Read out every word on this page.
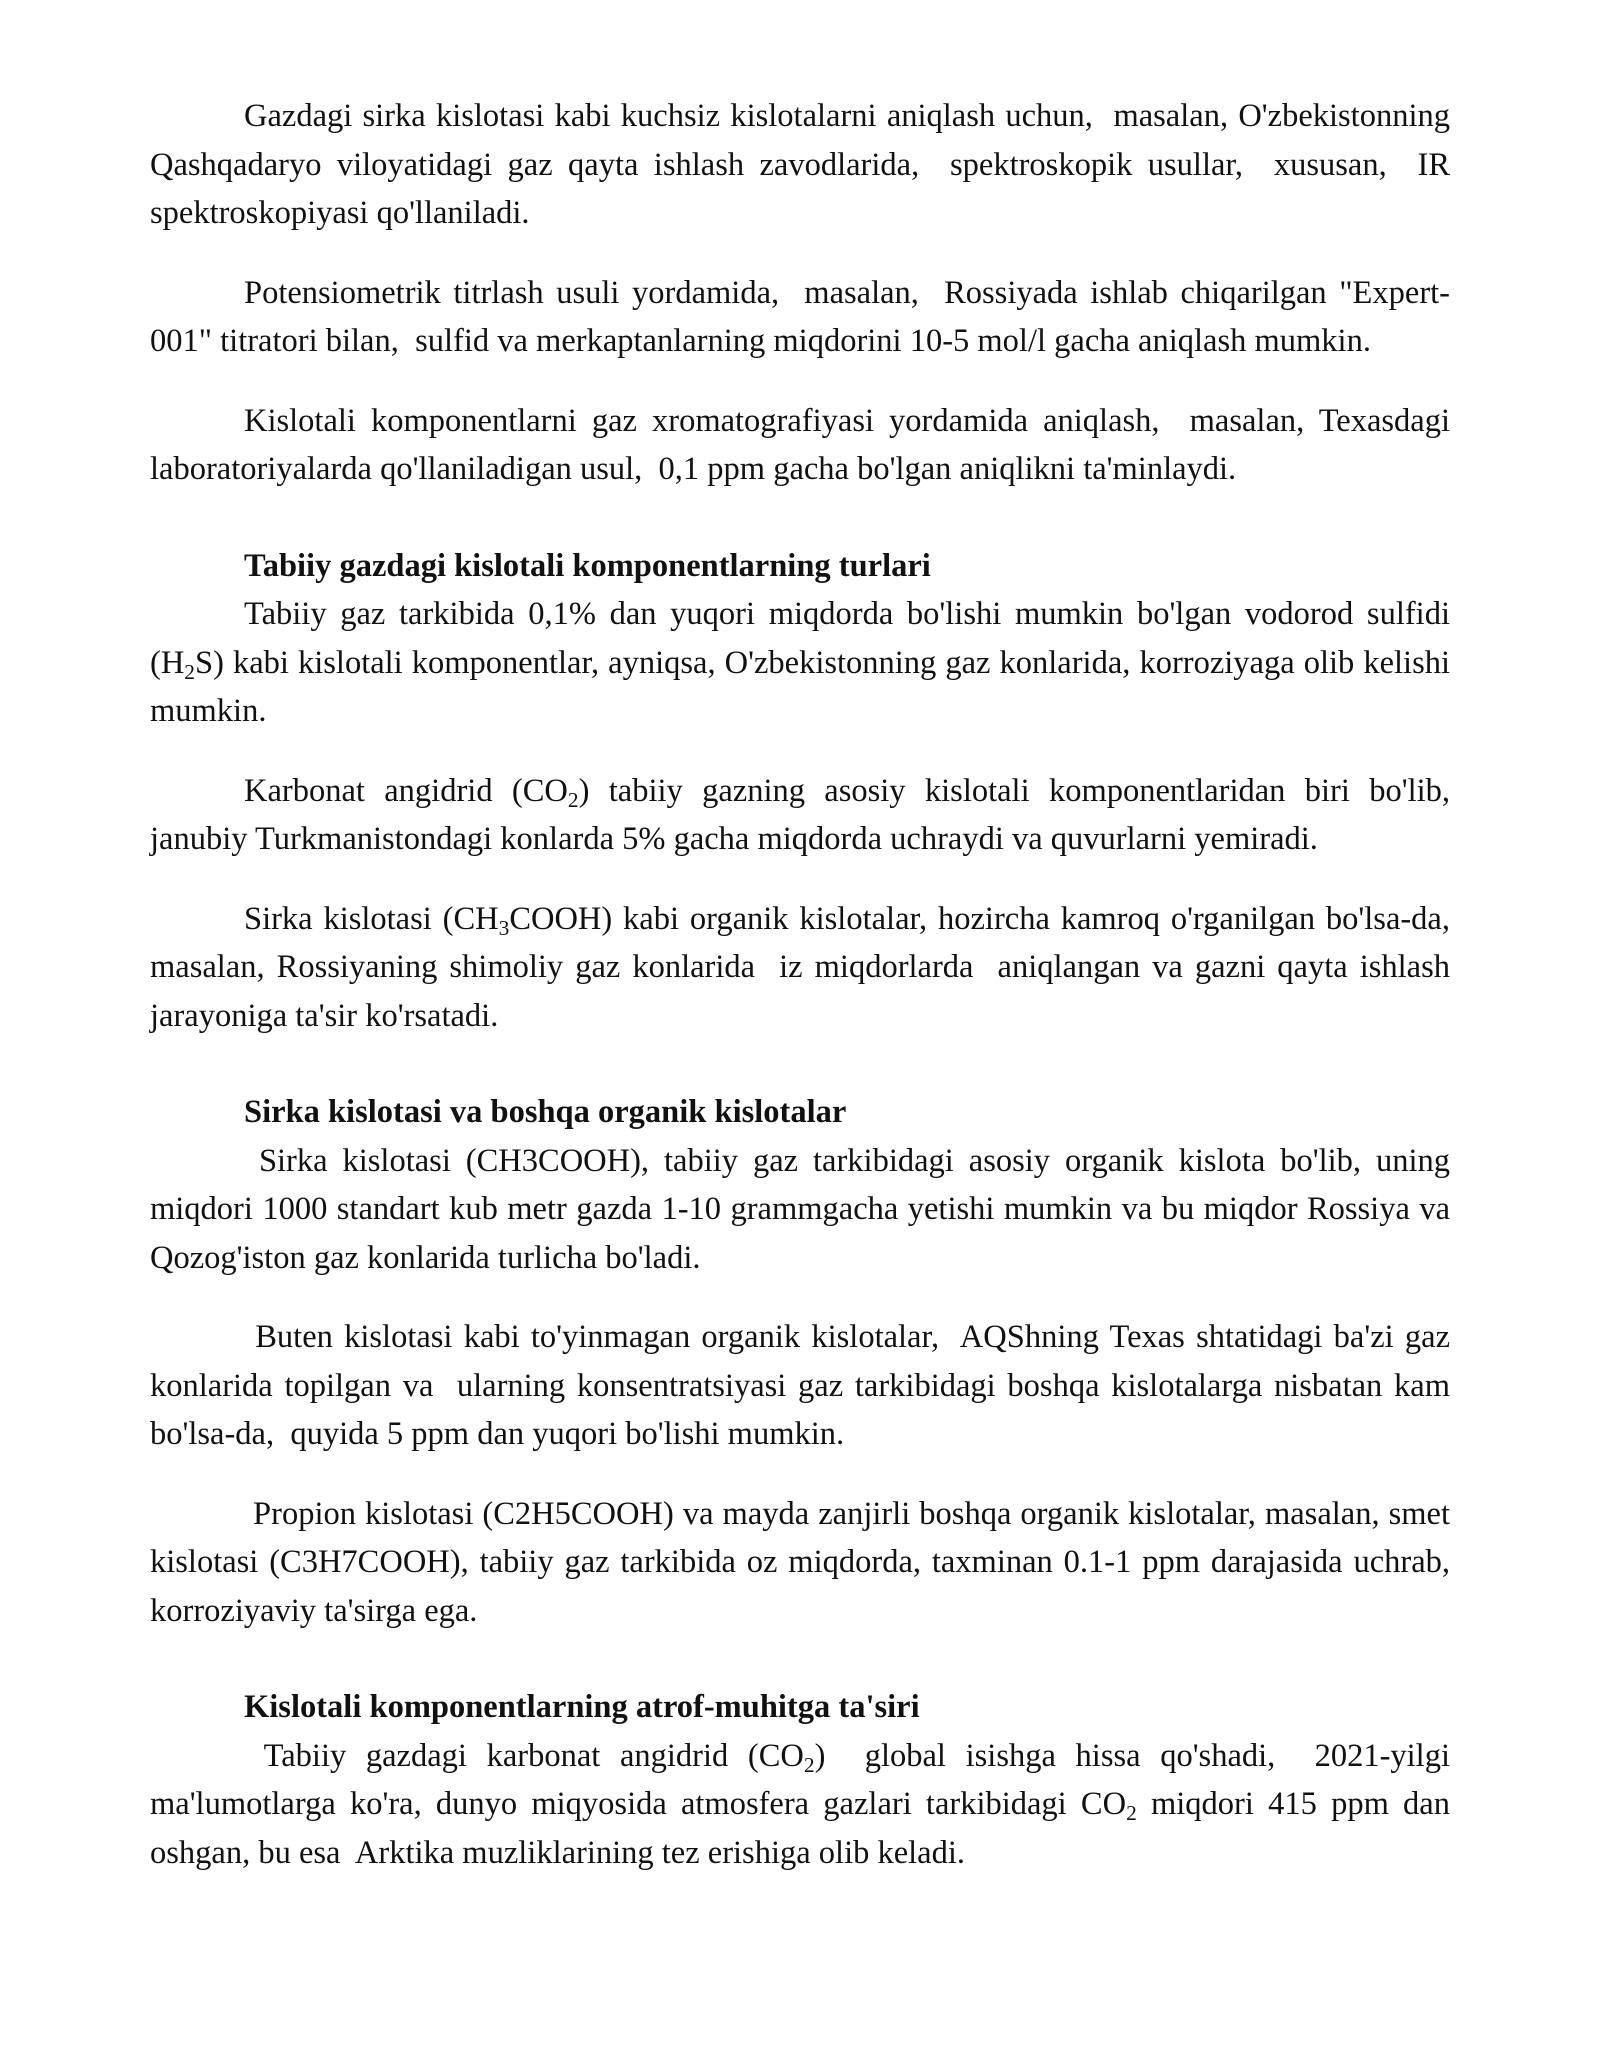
Gazdagi sirka kislotasi kabi kuchsiz kislotalarni aniqlash uchun,  masalan, O'zbekistonning  Qashqadaryo viloyatidagi gaz qayta ishlash zavodlarida,  spektroskopik usullar,  xususan,  IR spektroskopiyasi qo'llaniladi.

Potensiometrik titrlash usuli yordamida,  masalan,  Rossiyada ishlab chiqarilgan "Expert-001" titratori bilan,  sulfid va merkaptanlarning miqdorini 10-5 mol/l gacha aniqlash mumkin.

Kislotali komponentlarni gaz xromatografiyasi yordamida aniqlash,  masalan, Texasdagi laboratoriyalarda qo'llaniladigan usul,  0,1 ppm gacha bo'lgan aniqlikni ta'minlaydi.

Tabiiy gazdagi kislotali komponentlarning turlari

Tabiiy gaz tarkibida 0,1% dan yuqori miqdorda bo'lishi mumkin bo'lgan vodorod sulfidi $(H_2S)$ kabi kislotali komponentlar, ayniqsa, O'zbekistonning gaz konlarida, korroziyaga olib kelishi mumkin.

Karbonat angidrid $(CO_2)$ tabiiy gazning asosiy kislotali komponentlaridan biri bo'lib,  janubiy Turkmanistondagi konlarda 5% gacha miqdorda uchraydi va quvurlarni yemiradi.

Sirka kislotasi $(CH_3COOH)$ kabi organik kislotalar, hozircha kamroq o'rganilgan bo'lsa-da,  masalan, Rossiyaning shimoliy gaz konlarida  iz miqdorlarda  aniqlangan va gazni qayta ishlash jarayoniga ta'sir ko'rsatadi.

Sirka kislotasi va boshqa organik kislotalar

Sirka kislotasi (CH3COOH), tabiiy gaz tarkibidagi asosiy organik kislota bo'lib, uning miqdori 1000 standart kub metr gazda 1-10 grammgacha yetishi mumkin va bu miqdor Rossiya va Qozog'iston gaz konlarida turlicha bo'ladi.

Buten kislotasi kabi to'yinmagan organik kislotalar,  AQShning Texas shtatidagi ba'zi gaz konlarida topilgan va  ularning konsentratsiyasi gaz tarkibidagi boshqa kislotalarga nisbatan kam bo'lsa-da,  quyida 5 ppm dan yuqori bo'lishi mumkin.

Propion kislotasi (C2H5COOH) va mayda zanjirli boshqa organik kislotalar, masalan, smet kislotasi (C3H7COOH), tabiiy gaz tarkibida oz miqdorda, taxminan 0.1-1 ppm darajasida uchrab, korroziyaviy ta'sirga ega.

Kislotali komponentlarning atrof-muhitga ta'siri

Tabiiy gazdagi karbonat angidrid $(CO_2)$  global isishga hissa qo'shadi,  2021-yilgi ma'lumotlarga ko'ra, dunyo miqyosida atmosfera gazlari tarkibidagi $CO_2$ miqdori 415 ppm dan oshgan, bu esa  Arktika muzliklarining tez erishiga olib keladi.
